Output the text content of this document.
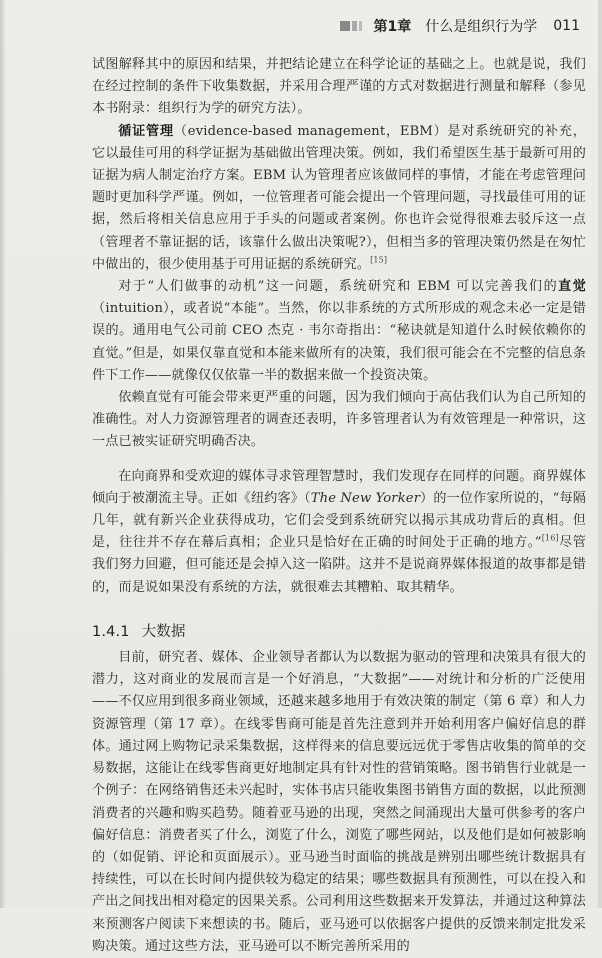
第1章 什么是组织行为学 011

试图解释其中的原因和结果，并把结论建立在科学论证的基础之上。也就是说，我们在经过控制的条件下收集数据，并采用合理严谨的方式对数据进行测量和解释（参见本书附录：组织行为学的研究方法）。

循证管理（evidence-based management，EBM）是对系统研究的补充，它以最佳可用的科学证据为基础做出管理决策。例如，我们希望医生基于最新可用的证据为病人制定治疗方案。EBM 认为管理者应该做同样的事情，才能在考虑管理问题时更加科学严谨。例如，一位管理者可能会提出一个管理问题，寻找最佳可用的证据，然后将相关信息应用于手头的问题或者案例。你也许会觉得很难去驳斥这一点（管理者不靠证据的话，该靠什么做出决策呢?），但相当多的管理决策仍然是在匆忙中做出的，很少使用基于可用证据的系统研究。[15]

对于“人们做事的动机”这一问题，系统研究和 EBM 可以完善我们的直觉（intuition），或者说“本能”。当然，你以非系统的方式所形成的观念未必一定是错误的。通用电气公司前 CEO 杰克 · 韦尔奇指出：“秘诀就是知道什么时候依赖你的直觉。”但是，如果仅靠直觉和本能来做所有的决策，我们很可能会在不完整的信息条件下工作——就像仅仅依靠一半的数据来做一个投资决策。

依赖直觉有可能会带来更严重的问题，因为我们倾向于高估我们认为自己所知的准确性。对人力资源管理者的调查还表明，许多管理者认为有效管理是一种常识，这一点已被实证研究明确否决。

在向商界和受欢迎的媒体寻求管理智慧时，我们发现存在同样的问题。商界媒体倾向于被潮流主导。正如《纽约客》（The New Yorker）的一位作家所说的，“每隔几年，就有新兴企业获得成功，它们会受到系统研究以揭示其成功背后的真相。但是，往往并不存在幕后真相；企业只是恰好在正确的时间处于正确的地方。”[16]尽管我们努力回避，但可能还是会掉入这一陷阱。这并不是说商界媒体报道的故事都是错的，而是说如果没有系统的方法，就很难去其糟粕、取其精华。

1.4.1 大数据

目前，研究者、媒体、企业领导者都认为以数据为驱动的管理和决策具有很大的潜力，这对商业的发展而言是一个好消息，“大数据”——对统计和分析的广泛使用——不仅应用到很多商业领域，还越来越多地用于有效决策的制定（第 6 章）和人力资源管理（第 17 章）。在线零售商可能是首先注意到并开始利用客户偏好信息的群体。通过网上购物记录采集数据，这样得来的信息要远远优于零售店收集的简单的交易数据，这能让在线零售商更好地制定具有针对性的营销策略。图书销售行业就是一个例子：在网络销售还未兴起时，实体书店只能收集图书销售方面的数据，以此预测消费者的兴趣和购买趋势。随着亚马逊的出现，突然之间涌现出大量可供参考的客户偏好信息：消费者买了什么，浏览了什么，浏览了哪些网站，以及他们是如何被影响的（如促销、评论和页面展示）。亚马逊当时面临的挑战是辨别出哪些统计数据具有持续性，可以在长时间内提供较为稳定的结果；哪些数据具有预测性，可以在投入和产出之间找出相对稳定的因果关系。公司利用这些数据来开发算法，并通过这种算法来预测客户阅读下来想读的书。随后，亚马逊可以依据客户提供的反馈来制定批发采购决策。通过这些方法，亚马逊可以不断完善所采用的
